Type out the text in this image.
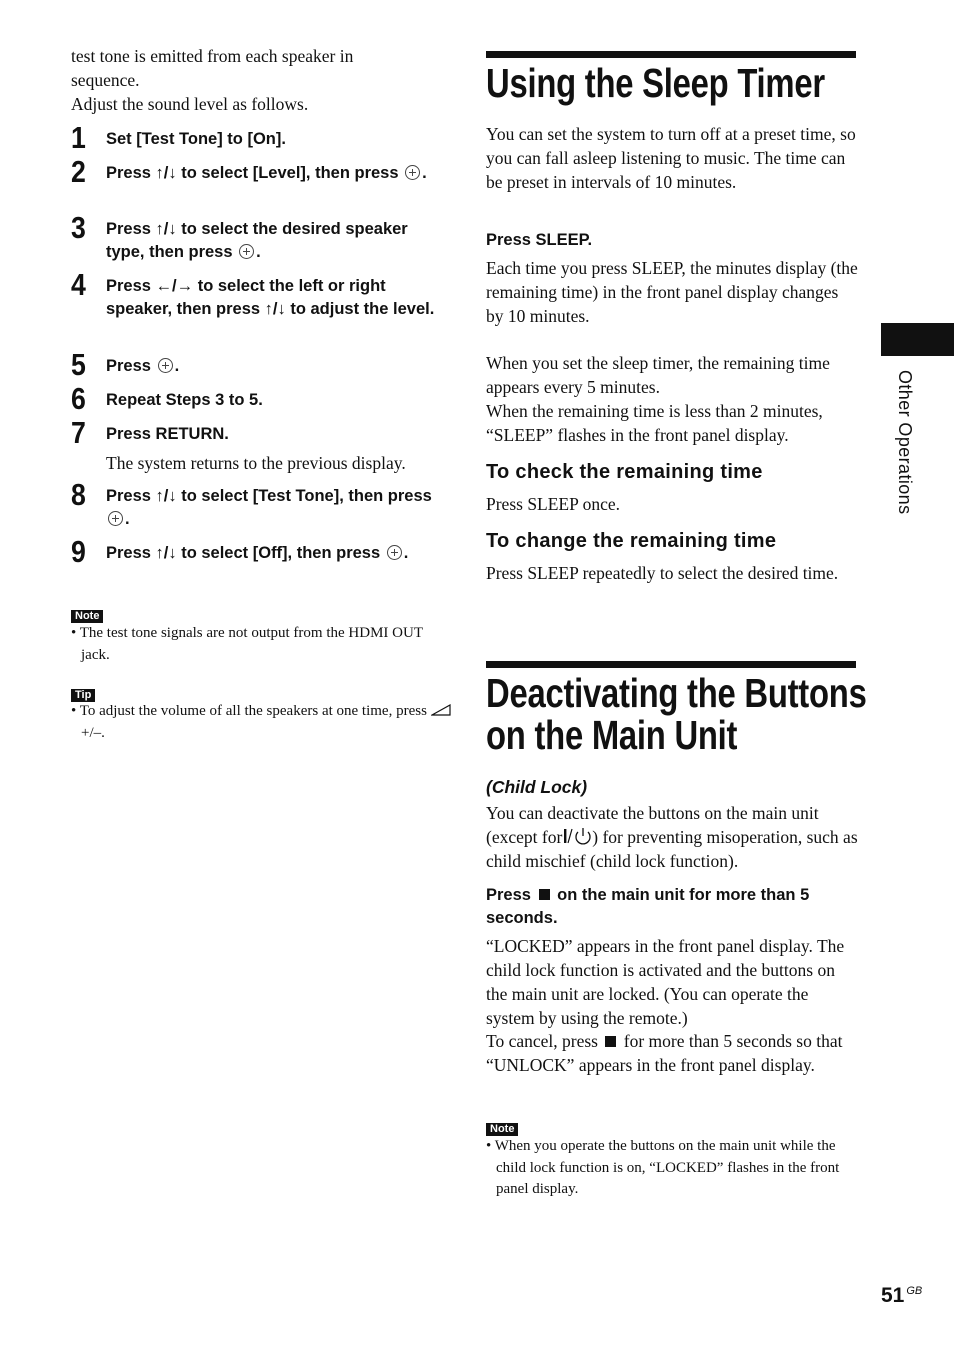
test tone is emitted from each speaker in sequence.
Adjust the sound level as follows.
1 Set [Test Tone] to [On].
2 Press ↑/↓ to select [Level], then press .
3 Press ↑/↓ to select the desired speaker type, then press .
4 Press ←/→ to select the left or right speaker, then press ↑/↓ to adjust the level.
5 Press .
6 Repeat Steps 3 to 5.
7 Press RETURN.
The system returns to the previous display.
8 Press ↑/↓ to select [Test Tone], then press .
9 Press ↑/↓ to select [Off], then press .
Note
• The test tone signals are not output from the HDMI OUT jack.
Tip
• To adjust the volume of all the speakers at one time, press  +/–.
Using the Sleep Timer
You can set the system to turn off at a preset time, so you can fall asleep listening to music. The time can be preset in intervals of 10 minutes.
Press SLEEP.
Each time you press SLEEP, the minutes display (the remaining time) in the front panel display changes by 10 minutes.
When you set the sleep timer, the remaining time appears every 5 minutes.
When the remaining time is less than 2 minutes, “SLEEP” flashes in the front panel display.
To check the remaining time
Press SLEEP once.
To change the remaining time
Press SLEEP repeatedly to select the desired time.
Deactivating the Buttons
on the Main Unit
(Child Lock)
You can deactivate the buttons on the main unit (except for ) for preventing misoperation, such as child mischief (child lock function).
Press on the main unit for more than 5 seconds.
“LOCKED” appears in the front panel display. The child lock function is activated and the buttons on the main unit are locked. (You can operate the system by using the remote.)
To cancel, press for more than 5 seconds so that “UNLOCK” appears in the front panel display.
Note
• When you operate the buttons on the main unit while the child lock function is on, “LOCKED” flashes in the front panel display.
Other Operations
51 $^{GB}$
